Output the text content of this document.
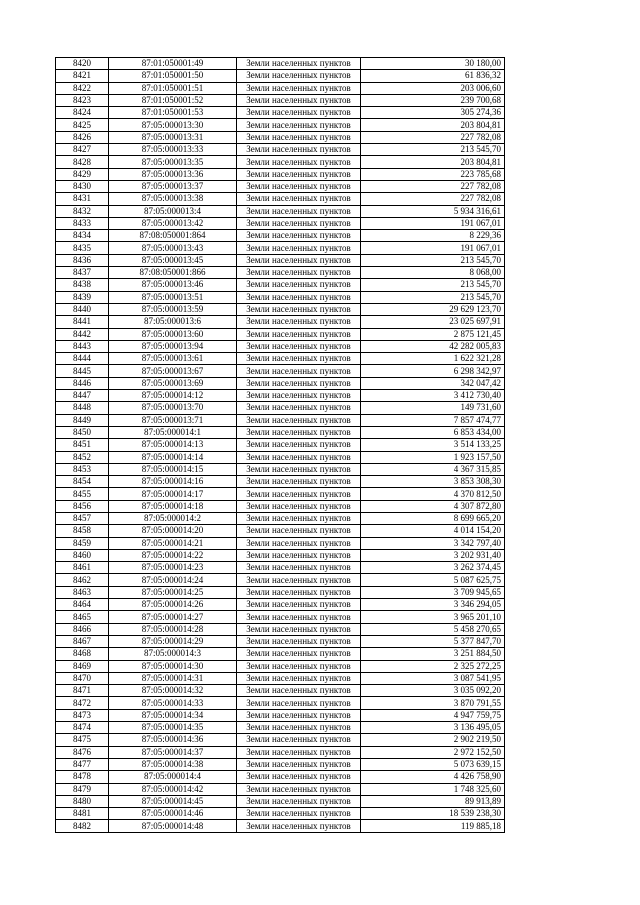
8420	87:01:050001:49	Земли населенных пунктов	30 180,00
8421	87:01:050001:50	Земли населенных пунктов	61 836,32
8422	87:01:050001:51	Земли населенных пунктов	203 006,60
8423	87:01:050001:52	Земли населенных пунктов	239 700,68
8424	87:01:050001:53	Земли населенных пунктов	305 274,36
8425	87:05:000013:30	Земли населенных пунктов	203 804,81
8426	87:05:000013:31	Земли населенных пунктов	227 782,08
8427	87:05:000013:33	Земли населенных пунктов	213 545,70
8428	87:05:000013:35	Земли населенных пунктов	203 804,81
8429	87:05:000013:36	Земли населенных пунктов	223 785,68
8430	87:05:000013:37	Земли населенных пунктов	227 782,08
8431	87:05:000013:38	Земли населенных пунктов	227 782,08
8432	87:05:000013:4	Земли населенных пунктов	5 934 316,61
8433	87:05:000013:42	Земли населенных пунктов	191 067,01
8434	87:08:050001:864	Земли населенных пунктов	8 229,36
8435	87:05:000013:43	Земли населенных пунктов	191 067,01
8436	87:05:000013:45	Земли населенных пунктов	213 545,70
8437	87:08:050001:866	Земли населенных пунктов	8 068,00
8438	87:05:000013:46	Земли населенных пунктов	213 545,70
8439	87:05:000013:51	Земли населенных пунктов	213 545,70
8440	87:05:000013:59	Земли населенных пунктов	29 629 123,70
8441	87:05:000013:6	Земли населенных пунктов	23 025 697,91
8442	87:05:000013:60	Земли населенных пунктов	2 875 121,45
8443	87:05:000013:94	Земли населенных пунктов	42 282 005,83
8444	87:05:000013:61	Земли населенных пунктов	1 622 321,28
8445	87:05:000013:67	Земли населенных пунктов	6 298 342,97
8446	87:05:000013:69	Земли населенных пунктов	342 047,42
8447	87:05:000014:12	Земли населенных пунктов	3 412 730,40
8448	87:05:000013:70	Земли населенных пунктов	149 731,60
8449	87:05:000013:71	Земли населенных пунктов	7 857 474,77
8450	87:05:000014:1	Земли населенных пунктов	6 853 434,00
8451	87:05:000014:13	Земли населенных пунктов	3 514 133,25
8452	87:05:000014:14	Земли населенных пунктов	1 923 157,50
8453	87:05:000014:15	Земли населенных пунктов	4 367 315,85
8454	87:05:000014:16	Земли населенных пунктов	3 853 308,30
8455	87:05:000014:17	Земли населенных пунктов	4 370 812,50
8456	87:05:000014:18	Земли населенных пунктов	4 307 872,80
8457	87:05:000014:2	Земли населенных пунктов	8 699 665,20
8458	87:05:000014:20	Земли населенных пунктов	4 014 154,20
8459	87:05:000014:21	Земли населенных пунктов	3 342 797,40
8460	87:05:000014:22	Земли населенных пунктов	3 202 931,40
8461	87:05:000014:23	Земли населенных пунктов	3 262 374,45
8462	87:05:000014:24	Земли населенных пунктов	5 087 625,75
8463	87:05:000014:25	Земли населенных пунктов	3 709 945,65
8464	87:05:000014:26	Земли населенных пунктов	3 346 294,05
8465	87:05:000014:27	Земли населенных пунктов	3 965 201,10
8466	87:05:000014:28	Земли населенных пунктов	5 458 270,65
8467	87:05:000014:29	Земли населенных пунктов	5 377 847,70
8468	87:05:000014:3	Земли населенных пунктов	3 251 884,50
8469	87:05:000014:30	Земли населенных пунктов	2 325 272,25
8470	87:05:000014:31	Земли населенных пунктов	3 087 541,95
8471	87:05:000014:32	Земли населенных пунктов	3 035 092,20
8472	87:05:000014:33	Земли населенных пунктов	3 870 791,55
8473	87:05:000014:34	Земли населенных пунктов	4 947 759,75
8474	87:05:000014:35	Земли населенных пунктов	3 136 495,05
8475	87:05:000014:36	Земли населенных пунктов	2 902 219,50
8476	87:05:000014:37	Земли населенных пунктов	2 972 152,50
8477	87:05:000014:38	Земли населенных пунктов	5 073 639,15
8478	87:05:000014:4	Земли населенных пунктов	4 426 758,90
8479	87:05:000014:42	Земли населенных пунктов	1 748 325,60
8480	87:05:000014:45	Земли населенных пунктов	89 913,89
8481	87:05:000014:46	Земли населенных пунктов	18 539 238,30
8482	87:05:000014:48	Земли населенных пунктов	119 885,18
